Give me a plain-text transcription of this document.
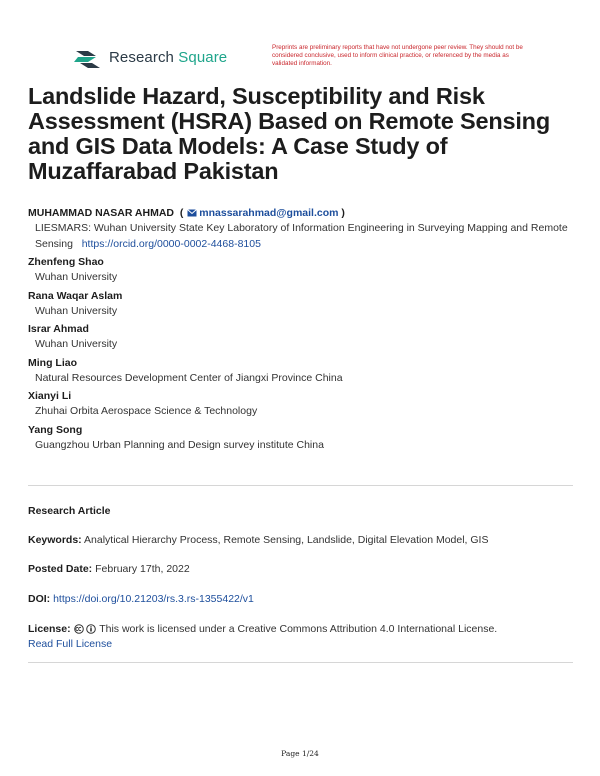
Research Square
Preprints are preliminary reports that have not undergone peer review. They should not be considered conclusive, used to inform clinical practice, or referenced by the media as validated information.
Landslide Hazard, Susceptibility and Risk Assessment (HSRA) Based on Remote Sensing and GIS Data Models: A Case Study of Muzaffarabad Pakistan
MUHAMMAD NASAR AHMAD  ( mnassarahmad@gmail.com )
LIESMARS: Wuhan University State Key Laboratory of Information Engineering in Surveying Mapping and Remote Sensing https://orcid.org/0000-0002-4468-8105
Zhenfeng Shao
Wuhan University
Rana Waqar Aslam
Wuhan University
Israr Ahmad
Wuhan University
Ming Liao
Natural Resources Development Center of Jiangxi Province China
Xianyi Li
Zhuhai Orbita Aerospace Science & Technology
Yang Song
Guangzhou Urban Planning and Design survey institute China
Research Article
Keywords: Analytical Hierarchy Process, Remote Sensing, Landslide, Digital Elevation Model, GIS
Posted Date: February 17th, 2022
DOI: https://doi.org/10.21203/rs.3.rs-1355422/v1
License:	This work is licensed under a Creative Commons Attribution 4.0 International License.
Read Full License
Page 1/24
